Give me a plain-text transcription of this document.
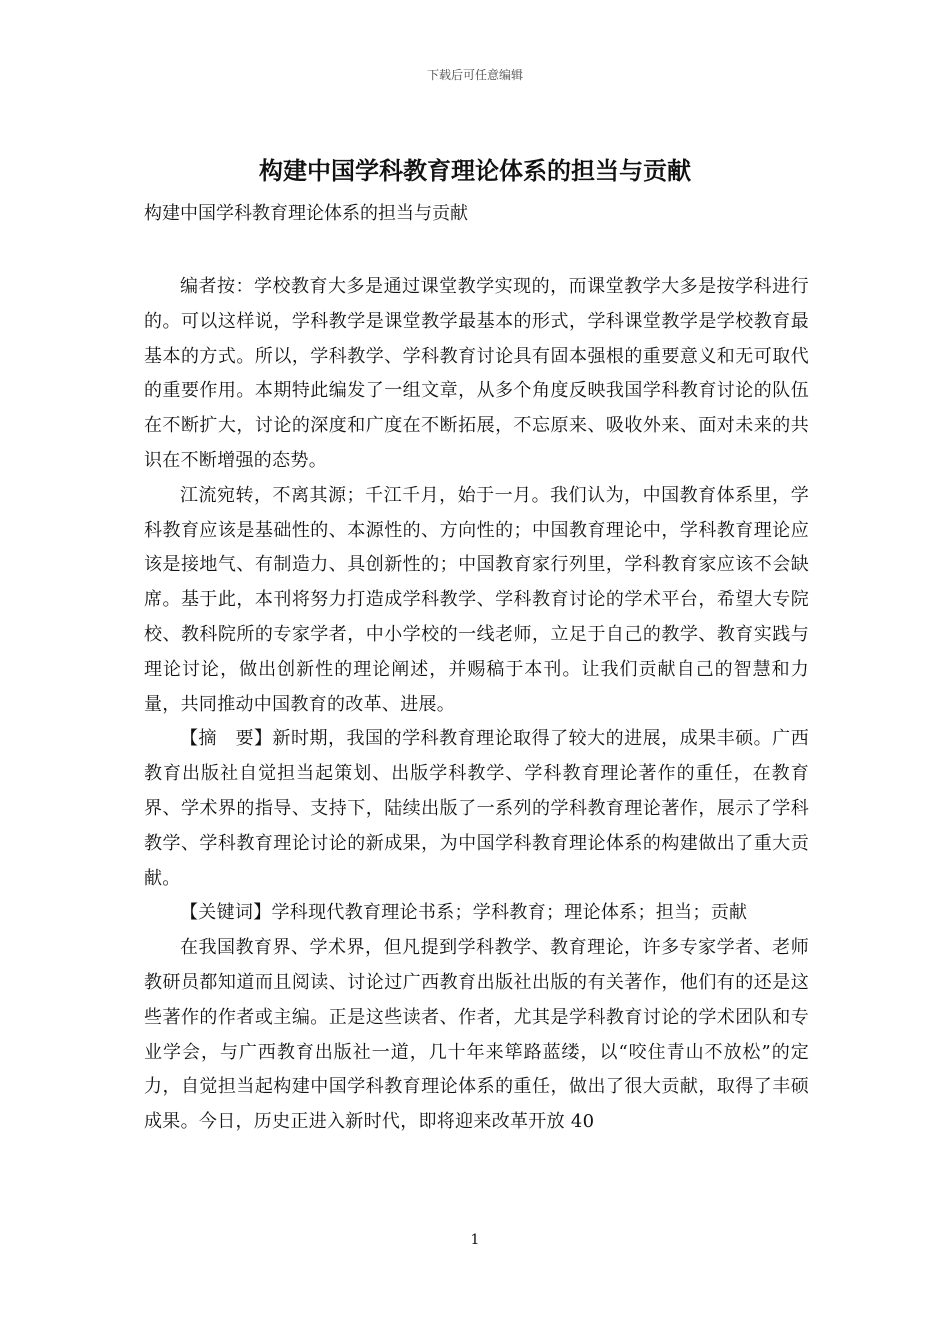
下载后可任意编辑
构建中国学科教育理论体系的担当与贡献

构建中国学科教育理论体系的担当与贡献

编者按：学校教育大多是通过课堂教学实现的，而课堂教学大多是按学科进行的。可以这样说，学科教学是课堂教学最基本的形式，学科课堂教学是学校教育最基本的方式。所以，学科教学、学科教育讨论具有固本强根的重要意义和无可取代的重要作用。本期特此编发了一组文章，从多个角度反映我国学科教育讨论的队伍在不断扩大，讨论的深度和广度在不断拓展，不忘原来、吸收外来、面对未来的共识在不断增强的态势。

江流宛转，不离其源；千江千月，始于一月。我们认为，中国教育体系里，学科教育应该是基础性的、本源性的、方向性的；中国教育理论中，学科教育理论应该是接地气、有制造力、具创新性的；中国教育家行列里，学科教育家应该不会缺席。基于此，本刊将努力打造成学科教学、学科教育讨论的学术平台，希望大专院校、教科院所的专家学者，中小学校的一线老师，立足于自己的教学、教育实践与理论讨论，做出创新性的理论阐述，并赐稿于本刊。让我们贡献自己的智慧和力量，共同推动中国教育的改革、进展。

【摘　要】新时期，我国的学科教育理论取得了较大的进展，成果丰硕。广西教育出版社自觉担当起策划、出版学科教学、学科教育理论著作的重任，在教育界、学术界的指导、支持下，陆续出版了一系列的学科教育理论著作，展示了学科教学、学科教育理论讨论的新成果，为中国学科教育理论体系的构建做出了重大贡献。

【关键词】学科现代教育理论书系；学科教育；理论体系；担当；贡献

在我国教育界、学术界，但凡提到学科教学、教育理论，许多专家学者、老师教研员都知道而且阅读、讨论过广西教育出版社出版的有关著作，他们有的还是这些著作的作者或主编。正是这些读者、作者，尤其是学科教育讨论的学术团队和专业学会，与广西教育出版社一道，几十年来筚路蓝缕，以“咬住青山不放松”的定力，自觉担当起构建中国学科教育理论体系的重任，做出了很大贡献，取得了丰硕成果。今日，历史正进入新时代，即将迎来改革开放 40

1
